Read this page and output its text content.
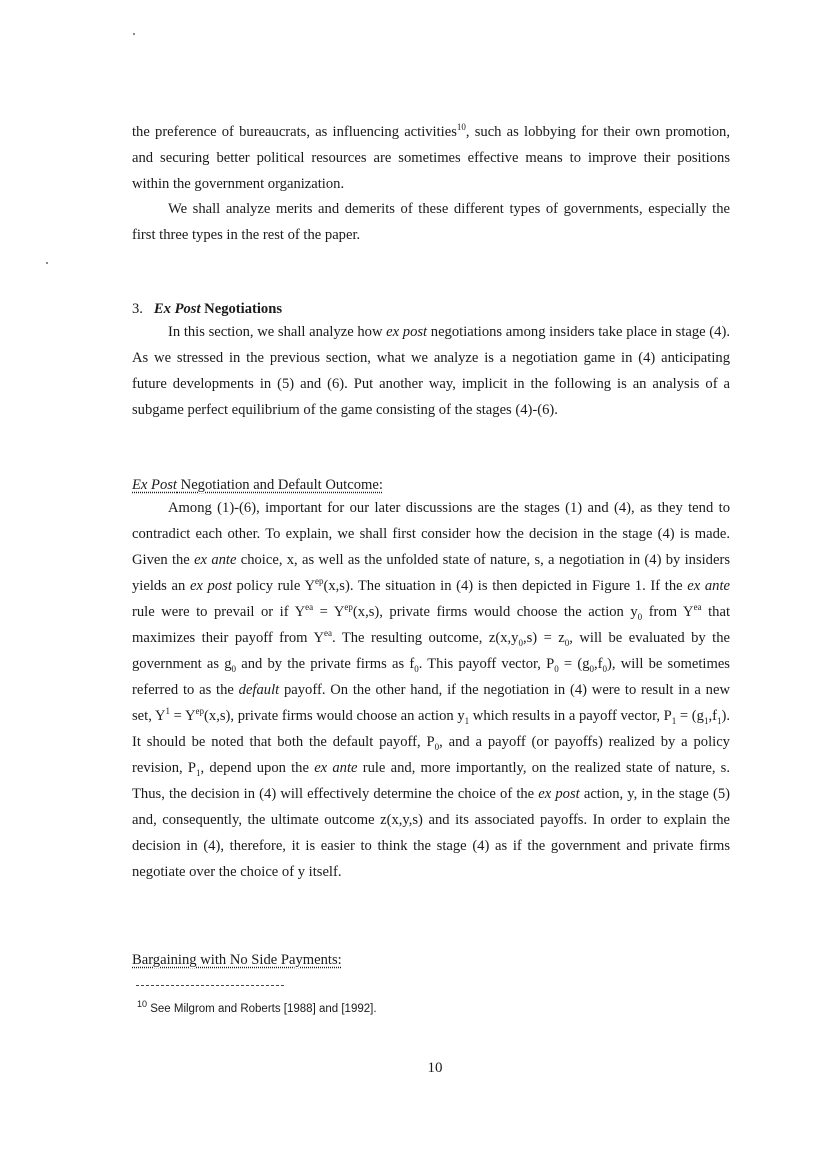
the preference of bureaucrats, as influencing activities$^{10}$, such as lobbying for their own promotion, and securing better political resources are sometimes effective means to improve their positions within the government organization.

We shall analyze merits and demerits of these different types of governments, especially the first three types in the rest of the paper.

3. Ex Post Negotiations

In this section, we shall analyze how ex post negotiations among insiders take place in stage (4). As we stressed in the previous section, what we analyze is a negotiation game in (4) anticipating future developments in (5) and (6). Put another way, implicit in the following is an analysis of a subgame perfect equilibrium of the game consisting of the stages (4)-(6).

Ex Post Negotiation and Default Outcome:

Among (1)-(6), important for our later discussions are the stages (1) and (4), as they tend to contradict each other. To explain, we shall first consider how the decision in the stage (4) is made. Given the ex ante choice, x, as well as the unfolded state of nature, s, a negotiation in (4) by insiders yields an ex post policy rule $Y^{ep}(x,s)$. The situation in (4) is then depicted in Figure 1. If the ex ante rule were to prevail or if $Y^{ea} = Y^{ep}(x,s)$, private firms would choose the action $y_0$ from $Y^{ea}$ that maximizes their payoff from $Y^{ea}$. The resulting outcome, $z(x,y_0,s) = z_0$, will be evaluated by the government as $g_0$ and by the private firms as $f_0$. This payoff vector, $P_0 = (g_0,f_0)$, will be sometimes referred to as the default payoff. On the other hand, if the negotiation in (4) were to result in a new set, $Y^1 = Y^{ep}(x,s)$, private firms would choose an action $y_1$ which results in a payoff vector, $P_1 = (g_1,f_1)$. It should be noted that both the default payoff, $P_0$, and a payoff (or payoffs) realized by a policy revision, $P_1$, depend upon the ex ante rule and, more importantly, on the realized state of nature, s. Thus, the decision in (4) will effectively determine the choice of the ex post action, y, in the stage (5) and, consequently, the ultimate outcome z(x,y,s) and its associated payoffs. In order to explain the decision in (4), therefore, it is easier to think the stage (4) as if the government and private firms negotiate over the choice of y itself.

Bargaining with No Side Payments:

$^{10}$ See Milgrom and Roberts [1988] and [1992].
10
